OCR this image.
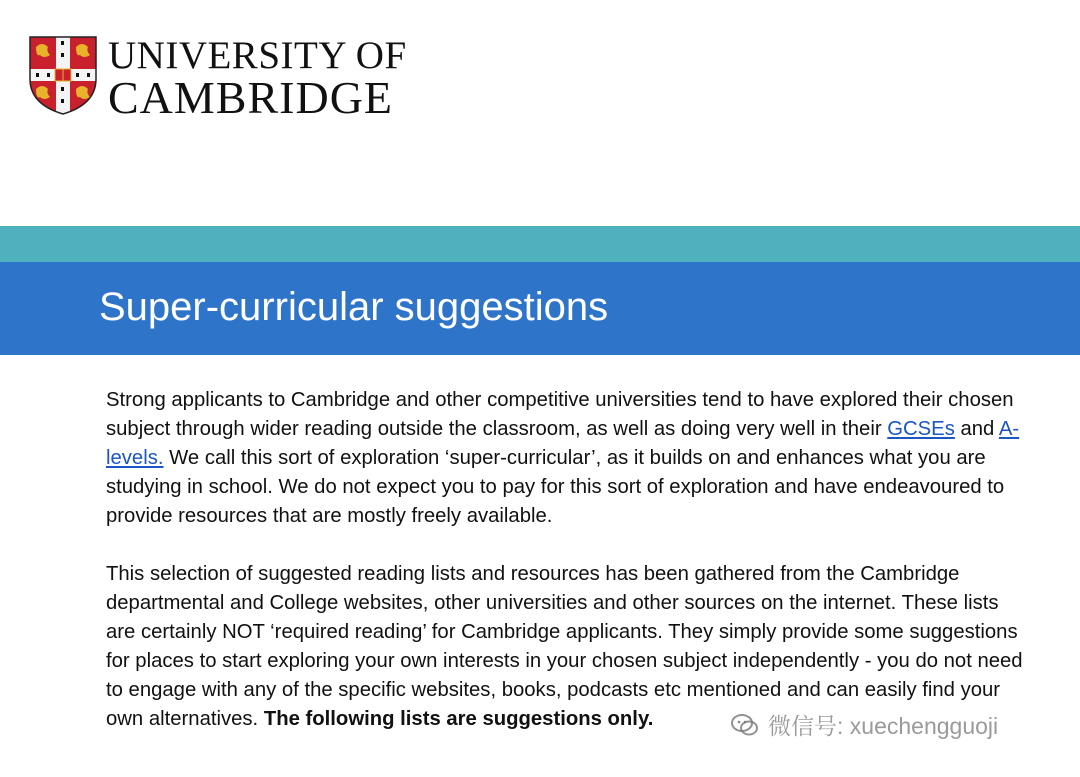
UNIVERSITY OF
CAMBRIDGE
Super-curricular suggestions

Strong applicants to Cambridge and other competitive universities tend to have explored their chosen subject through wider reading outside the classroom, as well as doing very well in their GCSEs and A-levels. We call this sort of exploration ‘super-curricular’, as it builds on and enhances what you are studying in school. We do not expect you to pay for this sort of exploration and have endeavoured to provide resources that are mostly freely available.

This selection of suggested reading lists and resources has been gathered from the Cambridge departmental and College websites, other universities and other sources on the internet. These lists are certainly NOT ‘required reading’ for Cambridge applicants. They simply provide some suggestions for places to start exploring your own interests in your chosen subject independently - you do not need to engage with any of the specific websites, books, podcasts etc mentioned and can easily find your own alternatives. The following lists are suggestions only.	微信号: xuechengguoji
